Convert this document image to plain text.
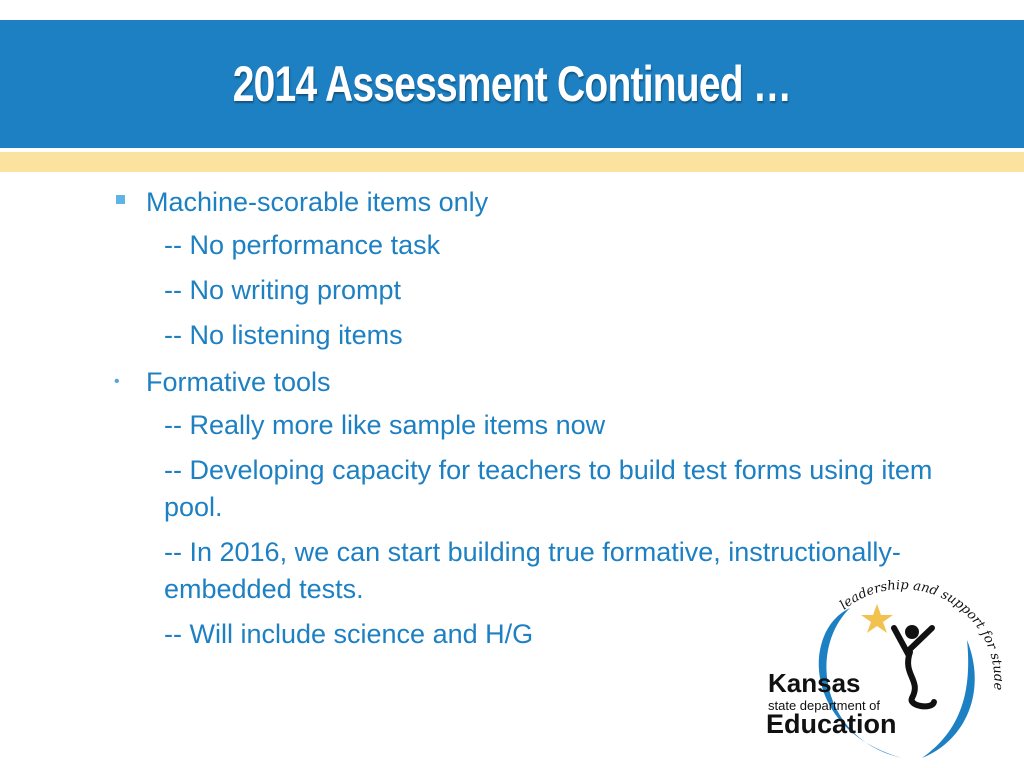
2014 Assessment Continued …
Machine-scorable items only
-- No performance task
-- No writing prompt
-- No listening items
• Formative tools
-- Really more like sample items now
-- Developing capacity for teachers to build test forms using item pool.
-- In 2016, we can start building true formative, instructionally-embedded tests.
-- Will include science and H/G
leadership and support for s
Kansas
state department of
Education
